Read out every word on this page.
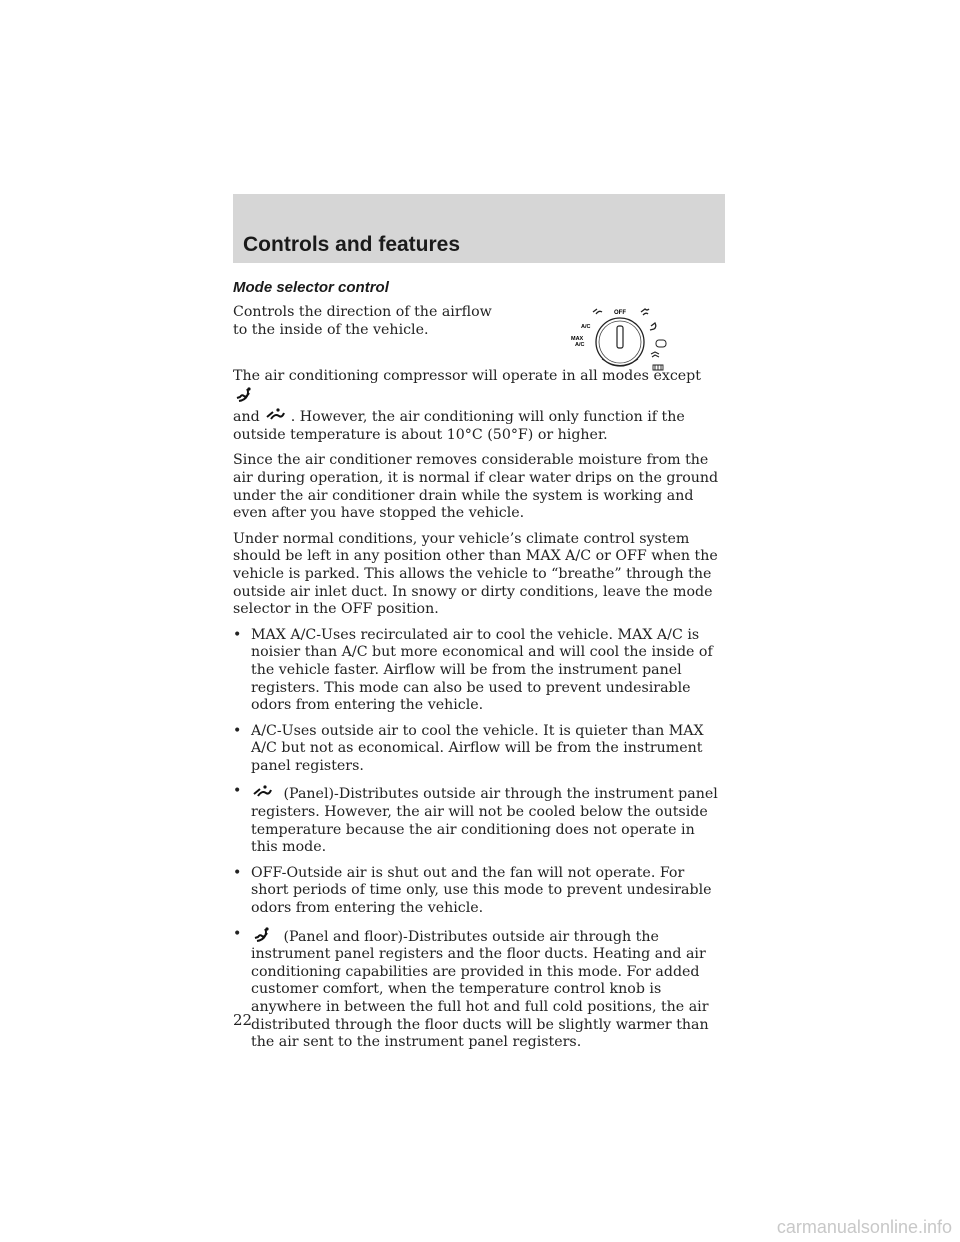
Controls and features
Mode selector control
Controls the direction of the airflow to the inside of the vehicle.
OFF
A/C
MAX
A/C
The air conditioning compressor will operate in all modes except
and . However, the air conditioning will only function if the outside temperature is about 10°C (50°F) or higher.
Since the air conditioner removes considerable moisture from the air during operation, it is normal if clear water drips on the ground under the air conditioner drain while the system is working and even after you have stopped the vehicle.
Under normal conditions, your vehicle’s climate control system should be left in any position other than MAX A/C or OFF when the vehicle is parked. This allows the vehicle to “breathe” through the outside air inlet duct. In snowy or dirty conditions, leave the mode selector in the OFF position.
• MAX A/C-Uses recirculated air to cool the vehicle. MAX A/C is noisier than A/C but more economical and will cool the inside of the vehicle faster. Airflow will be from the instrument panel registers. This mode can also be used to prevent undesirable odors from entering the vehicle.
• A/C-Uses outside air to cool the vehicle. It is quieter than MAX A/C but not as economical. Airflow will be from the instrument panel registers.
•	(Panel)-Distributes outside air through the instrument panel registers. However, the air will not be cooled below the outside temperature because the air conditioning does not operate in this mode.
• OFF-Outside air is shut out and the fan will not operate. For short periods of time only, use this mode to prevent undesirable odors from entering the vehicle.
•	(Panel and floor)-Distributes outside air through the instrument panel registers and the floor ducts. Heating and air conditioning capabilities are provided in this mode. For added customer comfort, when the temperature control knob is anywhere in between the full hot and full cold positions, the air distributed through the floor ducts will be slightly warmer than the air sent to the instrument panel registers.
22
carmanualsonline.info
